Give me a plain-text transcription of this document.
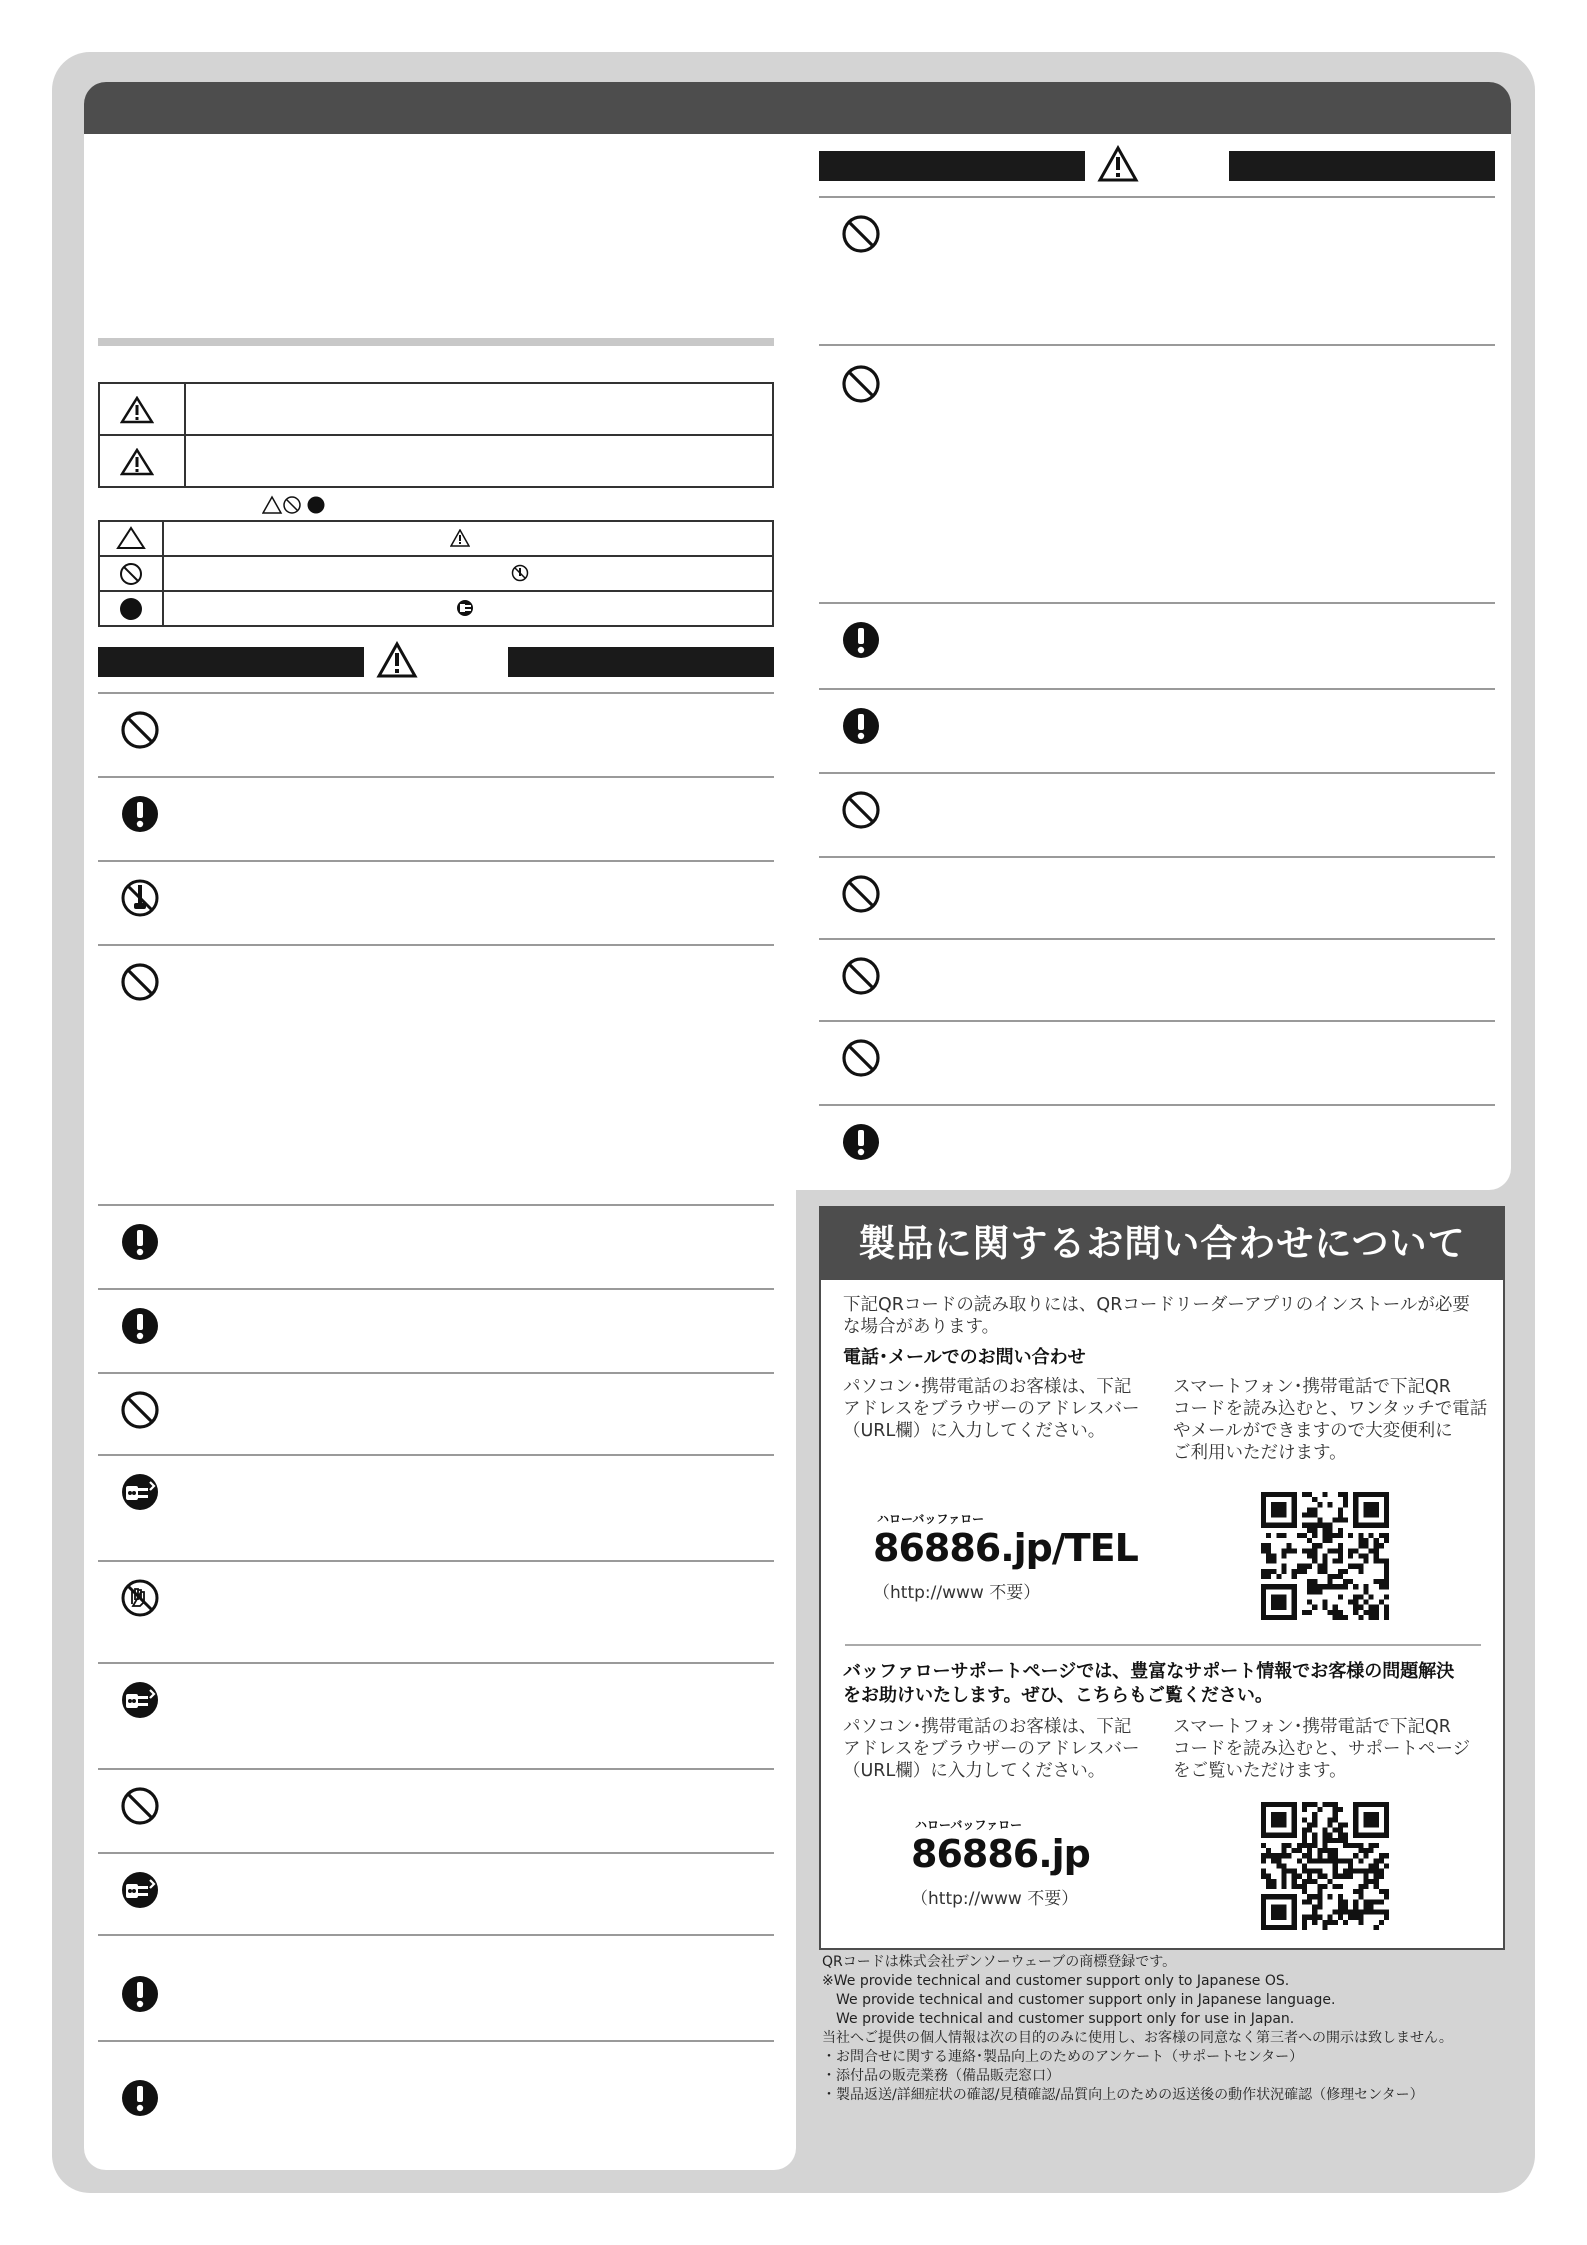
製品に関するお問い合わせについて
下記QRコードの読み取りには、QRコードリーダーアプリのインストールが必要
な場合があります。
電話･メールでのお問い合わせ
パソコン･携帯電話のお客様は、下記
アドレスをブラウザーのアドレスバー
（URL欄）に入力してください。
スマートフォン･携帯電話で下記QR
コードを読み込むと、ワンタッチで電話
やメールができますので大変便利に
ご利用いただけます。
ハローバッファロー
86886.jp/TEL
（http://www 不要）
バッファローサポートページでは、豊富なサポート情報でお客様の問題解決
をお助けいたします。ぜひ、こちらもご覧ください。
パソコン･携帯電話のお客様は、下記
アドレスをブラウザーのアドレスバー
（URL欄）に入力してください。
スマートフォン･携帯電話で下記QR
コードを読み込むと、サポートページ
をご覧いただけます。
ハローバッファロー
86886.jp
（http://www 不要）
QRコードは株式会社デンソーウェーブの商標登録です。
※We provide technical and customer support only to Japanese OS.
　We provide technical and customer support only in Japanese language.
　We provide technical and customer support only for use in Japan.
当社へご提供の個人情報は次の目的のみに使用し、お客様の同意なく第三者への開示は致しません。
・お問合せに関する連絡･製品向上のためのアンケート（サポートセンター）
・添付品の販売業務（備品販売窓口）
・製品返送/詳細症状の確認/見積確認/品質向上のための返送後の動作状況確認（修理センター）
